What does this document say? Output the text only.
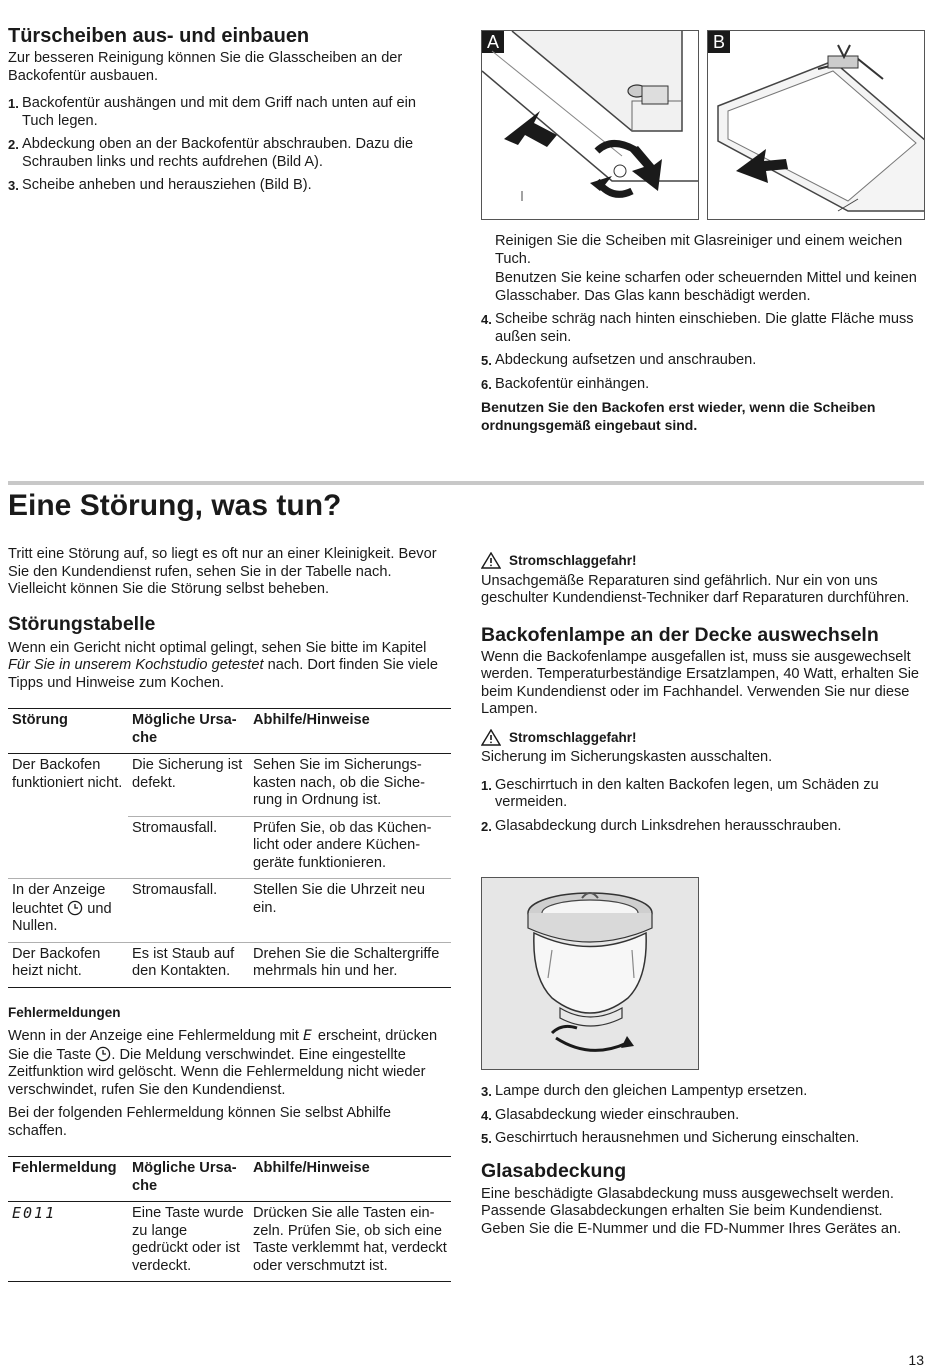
Türscheiben aus- und einbauen

Zur besseren Reinigung können Sie die Glasscheiben an der Backofentür ausbauen.

1. Backofentür aushängen und mit dem Griff nach unten auf ein Tuch legen.
2. Abdeckung oben an der Backofentür abschrauben. Dazu die Schrauben links und rechts aufdrehen (Bild A).
3. Scheibe anheben und herausziehen (Bild B).
A	B

Reinigen Sie die Scheiben mit Glasreiniger und einem weichen Tuch.

Benutzen Sie keine scharfen oder scheuernden Mittel und keinen Glasschaber. Das Glas kann beschädigt werden.

4. Scheibe schräg nach hinten einschieben. Die glatte Fläche muss außen sein.
5. Abdeckung aufsetzen und anschrauben.
6. Backofentür einhängen.

Benutzen Sie den Backofen erst wieder, wenn die Scheiben ordnungsgemäß eingebaut sind.

Eine Störung, was tun?

Tritt eine Störung auf, so liegt es oft nur an einer Kleinigkeit. Bevor Sie den Kundendienst rufen, sehen Sie in der Tabelle nach. Vielleicht können Sie die Störung selbst beheben.

Störungstabelle

Wenn ein Gericht nicht optimal gelingt, sehen Sie bitte im Kapitel Für Sie in unserem Kochstudio getestet nach. Dort finden Sie viele Tipps und Hinweise zum Kochen.

Störung	Mögliche Ursache	Abhilfe/Hinweise
Der Backofen funktioniert nicht.	Die Sicherung ist defekt.	Sehen Sie im Sicherungskasten nach, ob die Sicherung in Ordnung ist.
	Stromausfall.	Prüfen Sie, ob das Küchenlicht oder andere Küchengeräte funktionieren.
In der Anzeige leuchtet und Nullen.	Stromausfall.	Stellen Sie die Uhrzeit neu ein.
Der Backofen heizt nicht.	Es ist Staub auf den Kontakten.	Drehen Sie die Schaltergriffe mehrmals hin und her.
Fehlermeldungen

Wenn in der Anzeige eine Fehlermeldung mit E erscheint, drücken Sie die Taste . Die Meldung verschwindet. Eine eingestellte Zeitfunktion wird gelöscht. Wenn die Fehlermeldung nicht wieder verschwindet, rufen Sie den Kundendienst.

Bei der folgenden Fehlermeldung können Sie selbst Abhilfe schaffen.

Fehlermeldung	Mögliche Ursache	Abhilfe/Hinweise
E011	Eine Taste wurde zu lange gedrückt oder ist verdeckt.	Drücken Sie alle Tasten einzeln. Prüfen Sie, ob sich eine Taste verklemmt hat, verdeckt oder verschmutzt ist.
Stromschlaggefahr!

Unsachgemäße Reparaturen sind gefährlich. Nur ein von uns geschulter Kundendienst-Techniker darf Reparaturen durchführen.

Backofenlampe an der Decke auswechseln

Wenn die Backofenlampe ausgefallen ist, muss sie ausgewechselt werden. Temperaturbeständige Ersatzlampen, 40 Watt, erhalten Sie beim Kundendienst oder im Fachhandel. Verwenden Sie nur diese Lampen.

Stromschlaggefahr!

Sicherung im Sicherungskasten ausschalten.

1. Geschirrtuch in den kalten Backofen legen, um Schäden zu vermeiden.
2. Glasabdeckung durch Linksdrehen herausschrauben.
3. Lampe durch den gleichen Lampentyp ersetzen.
4. Glasabdeckung wieder einschrauben.
5. Geschirrtuch herausnehmen und Sicherung einschalten.
Glasabdeckung

Eine beschädigte Glasabdeckung muss ausgewechselt werden. Passende Glasabdeckungen erhalten Sie beim Kundendienst. Geben Sie die E-Nummer und die FD-Nummer Ihres Gerätes an.

13
